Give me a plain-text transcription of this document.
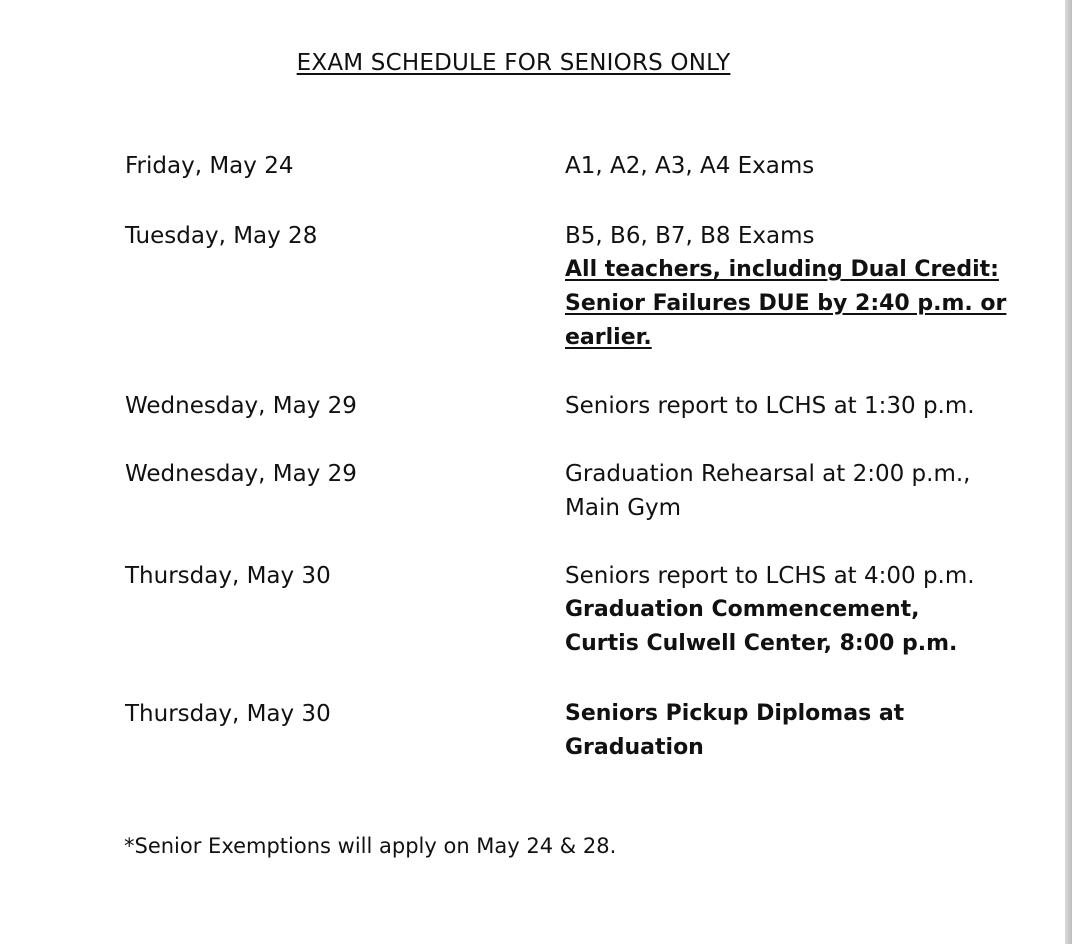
EXAM SCHEDULE FOR SENIORS ONLY
Friday, May 24	A1, A2, A3, A4 Exams
Tuesday, May 28	B5, B6, B7, B8 Exams
All teachers, including Dual Credit:
Senior Failures DUE by 2:40 p.m. or
earlier.
Wednesday, May 29	Seniors report to LCHS at 1:30 p.m.
Wednesday, May 29	Graduation Rehearsal at 2:00 p.m.,
Main Gym
Thursday, May 30	Seniors report to LCHS at 4:00 p.m.
Graduation Commencement,
Curtis Culwell Center, 8:00 p.m.
Thursday, May 30	Seniors Pickup Diplomas at
Graduation
*Senior Exemptions will apply on May 24 & 28.
